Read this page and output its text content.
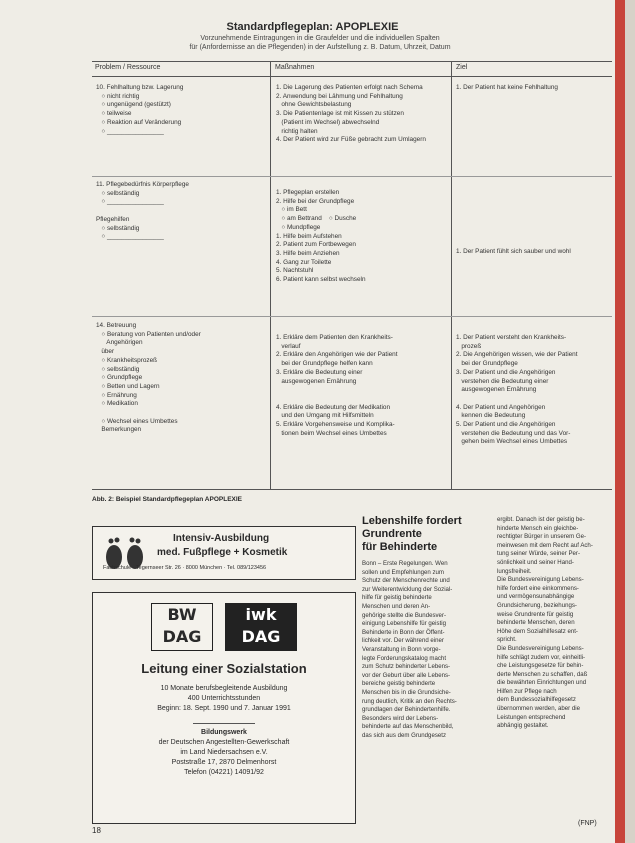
Standardpflegeplan: APOPLEXIE
Vorzunehmende Eintragungen in die Graufelder und die individuellen Spalten
für (Anfordernisse an die Pflegenden) in der Aufstellung z. B. Datum, Uhrzeit, Datum
Problem / Ressource	Maßnahmen	Ziel
10. Fehlhaltung bzw. Lagerung
○ nicht richtig
○ ungenügend (gestützt)
○ teilweise
○ Reaktion auf Veränderung
○ ________________
1. Die Lagerung des Patienten erfolgt nach Schema
2. Anwendung bei Lähmung und Fehlhaltung
ohne Gewichtsbelastung
3. Die Patientenlage ist mit Kissen zu stützen
(Patient im Wechsel) abwechselnd
richtig halten
4. Der Patient wird zur Füße gebracht zum Umlagern
1. Der Patient hat keine Fehlhaltung
11. Pflegebedürfnis Körperpflege
○ selbständig
○ ________________

Pflegehilfen
○ selbständig
○ ________________
1. Pflegeplan erstellen
2. Hilfe bei der Grundpflege
○ im Bett
○ am Bettrand    ○ Dusche
○ Mundpflege
1. Hilfe beim Aufstehen
2. Patient zum Fortbewegen
3. Hilfe beim Anziehen
4. Gang zur Toilette
5. Nachtstuhl
6. Patient kann selbst wechseln
1. Der Patient fühlt sich sauber und wohl
14. Betreuung
○ Beratung von Patienten und/oder
Angehörigen
über
○ Krankheitsprozeß
○ selbständig
○ Grundpflege
○ Betten und Lagern
○ Ernährung
○ Medikation

○ Wechsel eines Umbettes
Bemerkungen
1. Erkläre dem Patienten den Krankheits-
verlauf
2. Erkläre den Angehörigen wie der Patient
bei der Grundpflege helfen kann
3. Erkläre die Bedeutung einer
ausgewogenen Ernährung

4. Erkläre die Bedeutung der Medikation
und den Umgang mit Hilfsmitteln
5. Erkläre Vorgehensweise und Komplika-
tionen beim Wechsel eines Umbettes
1. Der Patient versteht den Krankheits-
prozeß
2. Die Angehörigen wissen, wie der Patient
bei der Grundpflege
3. Der Patient und die Angehörigen
verstehen die Bedeutung einer
ausgewogenen Ernährung

4. Der Patient und Angehörigen
kennen die Bedeutung
5. Der Patient und die Angehörigen
verstehen die Bedeutung und das Vor-
gehen beim Wechsel eines Umbettes
Abb. 2: Beispiel Standardpflegeplan APOPLEXIE
Intensiv-Ausbildung
med. Fußpflege + Kosmetik
Fachschule · Tegernseer Str. 26 · 8000 München · Tel. 089/123456
BW DAG
iwk DAG
Leitung einer Sozialstation
10 Monate berufsbegleitende Ausbildung
400 Unterrichtsstunden
Beginn: 18. Sept. 1990 und 7. Januar 1991
Bildungswerk
der Deutschen Angestellten-Gewerkschaft
im Land Niedersachsen e.V.
Poststraße 17, 2870 Delmenhorst
Telefon (04221) 14091/92
Lebenshilfe fordert
Grundrente
für Behinderte
Bonn – Erste Regelungen. Wen
sollen und Empfehlungen zum
Schutz der Menschenrechte und
zur Weiterentwicklung der Sozial-
hilfe für geistig behinderte
Menschen und deren An-
gehörige stellte die Bundesver-
einigung Lebenshilfe für geistig
Behinderte in Bonn der Öffent-
lichkeit vor. Der während einer
Veranstaltung in Bonn vorge-
legte Forderungskatalog macht
zum Schutz behinderter Lebens-
vor der Geburt über alle Lebens-
bereiche geistig behinderte
Menschen bis in die Grundsiche-
rung deutlich, Kritik an den Rechts-
grundlagen der Behindertenhilfe.
Besonders wird der Lebens-
behinderte auf das Menschenbild,
das sich aus dem Grundgesetz
ergibt. Danach ist der geistig be-
hinderte Mensch ein gleichbe-
rechtigter Bürger in unserem Ge-
meinwesen mit dem Recht auf Ach-
tung seiner Würde, seiner Per-
sönlichkeit und seiner Hand-
lungsfreiheit.
Die Bundesvereinigung Lebens-
hilfe fordert eine einkommens-
und vermögensunabhängige
Grundsicherung, beziehungs-
weise Grundrente für geistig
behinderte Menschen, deren
Höhe dem Sozialhilfesatz ent-
spricht.
Die Bundesvereinigung Lebens-
hilfe schlägt zudem vor, einheitli-
che Leistungsgesetze für behin-
derte Menschen zu schaffen, daß
die bewährten Einrichtungen und
Hilfen zur Pflege nach
dem Bundessozialhilfegesetz
übernommen werden, aber die
Leistungen entsprechend
abhängig gestaltet.
18
(FNP)
